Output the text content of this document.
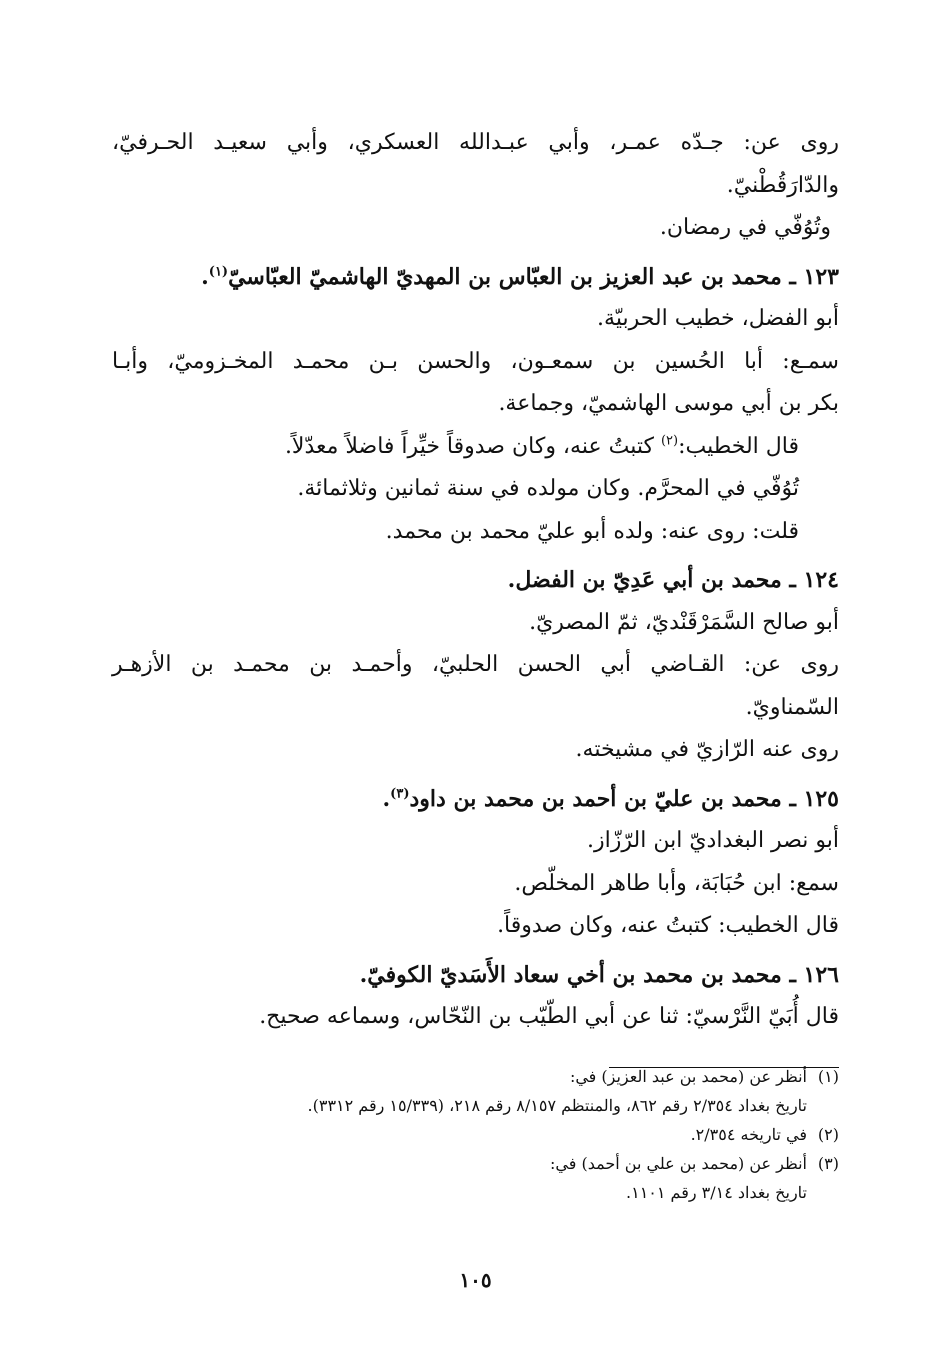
روى عن: جـدّه عمـر، وأبي عبـدالله العسكري، وأبي سعيـد الحـرفيّ،
والدّارَقُطْنيّ.
وتُوُفّي في رمضان.
١٢٣ ـ محمد بن عبد العزيز بن العبّاس بن المهديّ الهاشميّ العبّاسيّ$^{(١)}$.
أبو الفضل، خطيب الحربيّة.
سمـع: أبا الحُسين بن سمعـون، والحسن بـن محمـد المخـزوميّ، وأبـا
بكر بن أبي موسى الهاشميّ، وجماعة.
قال الخطيب:$^{(٢)}$ كتبتُ عنه، وكان صدوقاً خيِّراً فاضلاً معدّلاً.
تُوُفّي في المحرَّم. وكان مولده في سنة ثمانين وثلاثمائة.
قلت: روى عنه: ولده أبو عليّ محمد بن محمد.
١٢٤ ـ محمد بن أبي عَدِيّ بن الفضل.
أبو صالح السَّمَرْقَنْديّ، ثمّ المصريّ.
روى عن: القـاضي أبي الحسن الحلبيّ، وأحمـد بن محمـد بن الأزهـر
السّمناويّ.
روى عنه الرّازيّ في مشيخته.
١٢٥ ـ محمد بن عليّ بن أحمد بن محمد بن داود$^{(٣)}$.
أبو نصر البغداديّ ابن الرّزّاز.
سمع: ابن حُبَابَة، وأبا طاهر المخلّص.
قال الخطيب: كتبتُ عنه، وكان صدوقاً.
١٢٦ ـ محمد بن محمد بن أخي سعاد الأَسَديّ الكوفيّ.
قال أُبَيّ النَّرْسيّ: ثنا عن أبي الطّيّب بن النّحّاس، وسماعه صحيح.
(١)أنظر عن (محمد بن عبد العزيز) في:
تاريخ بغداد ٢/٣٥٤ رقم ٨٦٢، والمنتظم ٨/١٥٧ رقم ٢١٨، (١٥/٣٣٩ رقم ٣٣١٢).
(٢)في تاريخه ٢/٣٥٤.
(٣)أنظر عن (محمد بن علي بن أحمد) في:
تاريخ بغداد ٣/١٤ رقم ١١٠١.
١٠٥
